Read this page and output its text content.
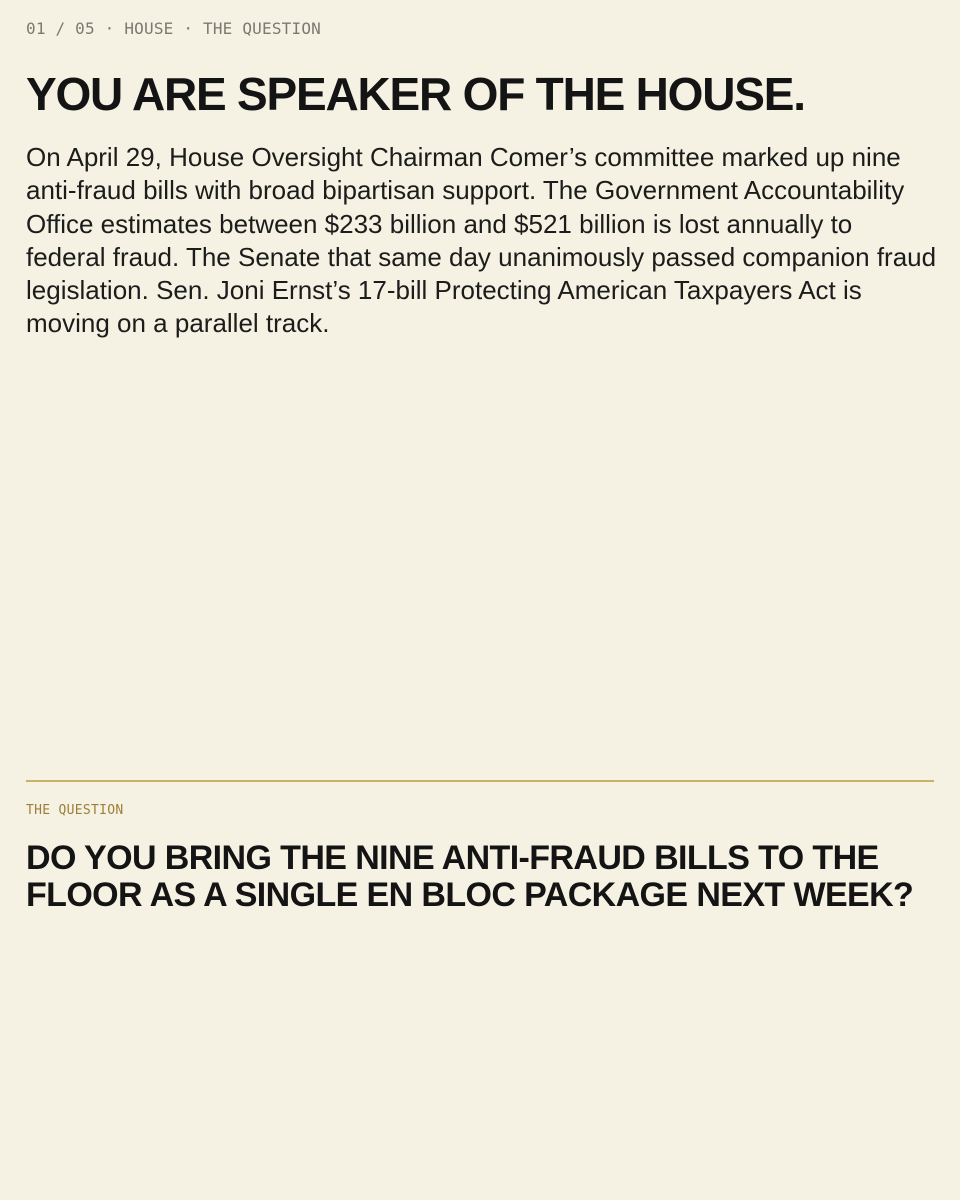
01 / 05 · HOUSE · THE QUESTION
YOU ARE SPEAKER OF THE HOUSE.

On April 29, House Oversight Chairman Comer’s committee marked up nine anti-fraud bills with broad bipartisan support. The Government Accountability Office estimates between $233 billion and $521 billion is lost annually to federal fraud. The Senate that same day unanimously passed companion fraud legislation. Sen. Joni Ernst’s 17-bill Protecting American Taxpayers Act is moving on a parallel track.

THE QUESTION
DO YOU BRING THE NINE ANTI-FRAUD BILLS TO THE FLOOR AS A SINGLE EN BLOC PACKAGE NEXT WEEK?
